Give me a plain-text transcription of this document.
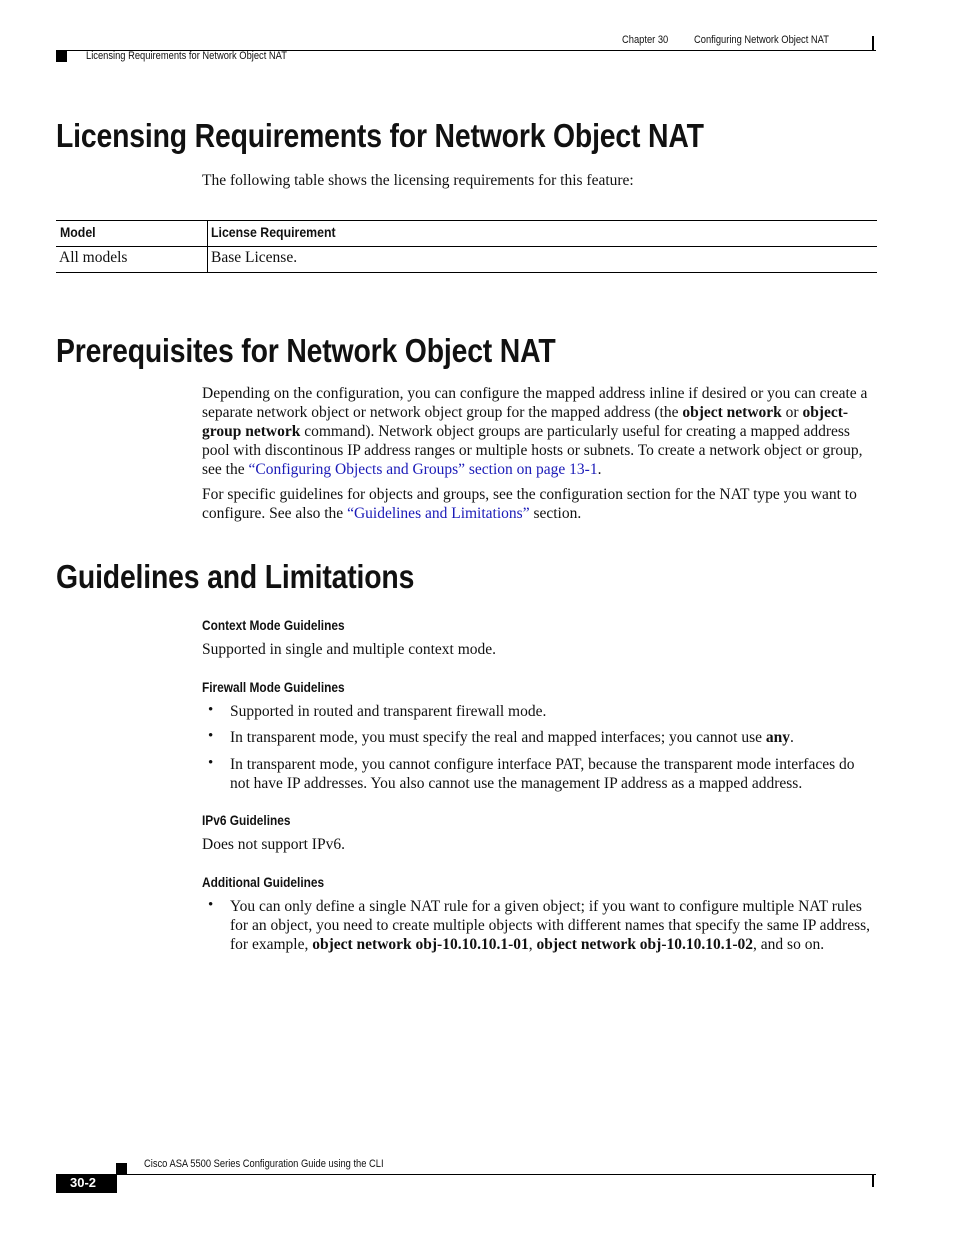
Chapter 30 Configuring Network Object NAT
Licensing Requirements for Network Object NAT
Licensing Requirements for Network Object NAT
The following table shows the licensing requirements for this feature:
Model	License Requirement
All models	Base License.
Prerequisites for Network Object NAT
Depending on the configuration, you can configure the mapped address inline if desired or you can create a separate network object or network object group for the mapped address (the object network or object-group network command). Network object groups are particularly useful for creating a mapped address pool with discontinous IP address ranges or multiple hosts or subnets. To create a network object or group, see the “Configuring Objects and Groups” section on page 13-1.
For specific guidelines for objects and groups, see the configuration section for the NAT type you want to configure. See also the “Guidelines and Limitations” section.
Guidelines and Limitations
Context Mode Guidelines
Supported in single and multiple context mode.
Firewall Mode Guidelines
• Supported in routed and transparent firewall mode.
• In transparent mode, you must specify the real and mapped interfaces; you cannot use any.
• In transparent mode, you cannot configure interface PAT, because the transparent mode interfaces do not have IP addresses. You also cannot use the management IP address as a mapped address.
IPv6 Guidelines
Does not support IPv6.
Additional Guidelines
• You can only define a single NAT rule for a given object; if you want to configure multiple NAT rules for an object, you need to create multiple objects with different names that specify the same IP address, for example, object network obj-10.10.10.1-01, object network obj-10.10.10.1-02, and so on.
Cisco ASA 5500 Series Configuration Guide using the CLI
30-2
